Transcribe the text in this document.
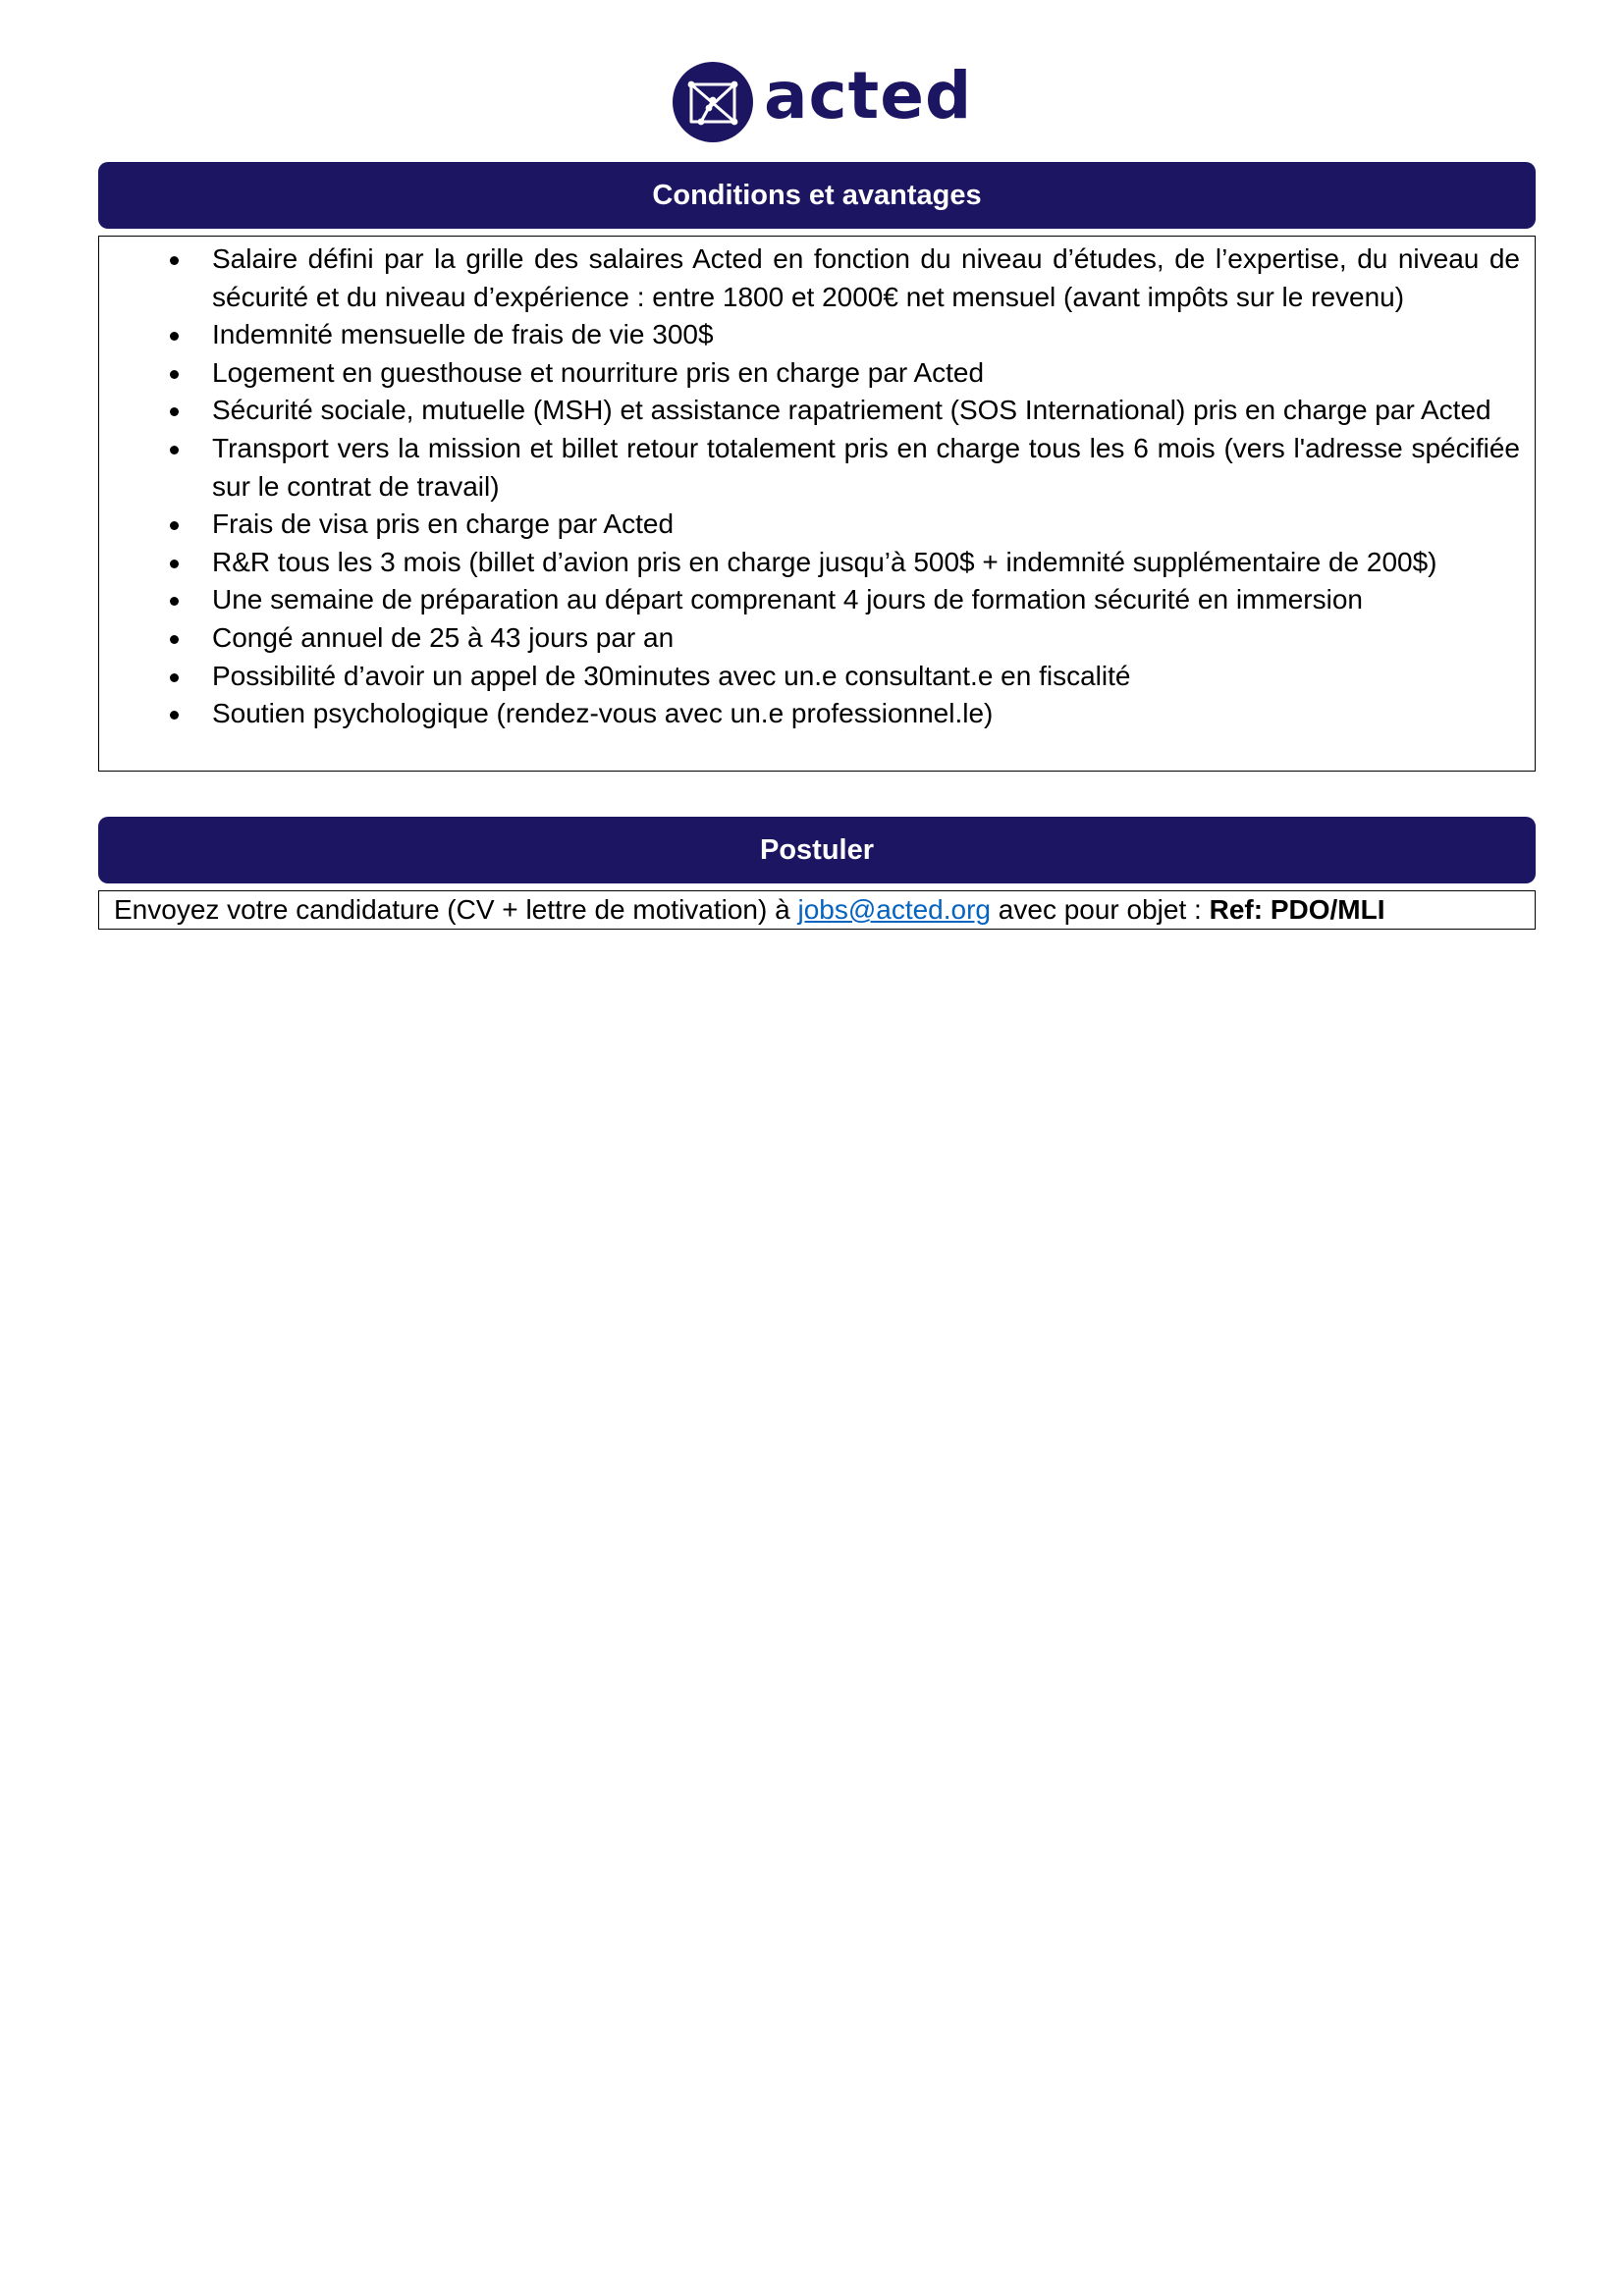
acted
Conditions et avantages
Salaire défini par la grille des salaires Acted en fonction du niveau d’études, de l’expertise, du niveau de sécurité et du niveau d’expérience : entre 1800 et 2000€ net mensuel (avant impôts sur le revenu)
Indemnité mensuelle de frais de vie 300$
Logement en guesthouse et nourriture pris en charge par Acted
Sécurité sociale, mutuelle (MSH) et assistance rapatriement (SOS International) pris en charge par Acted
Transport vers la mission et billet retour totalement pris en charge tous les 6 mois (vers l'adresse spécifiée sur le contrat de travail)
Frais de visa pris en charge par Acted
R&R tous les 3 mois (billet d’avion pris en charge jusqu’à 500$ + indemnité supplémentaire de 200$)
Une semaine de préparation au départ comprenant 4 jours de formation sécurité en immersion
Congé annuel de 25 à 43 jours par an
Possibilité d’avoir un appel de 30minutes avec un.e consultant.e en fiscalité
Soutien psychologique (rendez-vous avec un.e professionnel.le)
Postuler
Envoyez votre candidature (CV + lettre de motivation) à jobs@acted.org avec pour objet : Ref: PDO/MLI
